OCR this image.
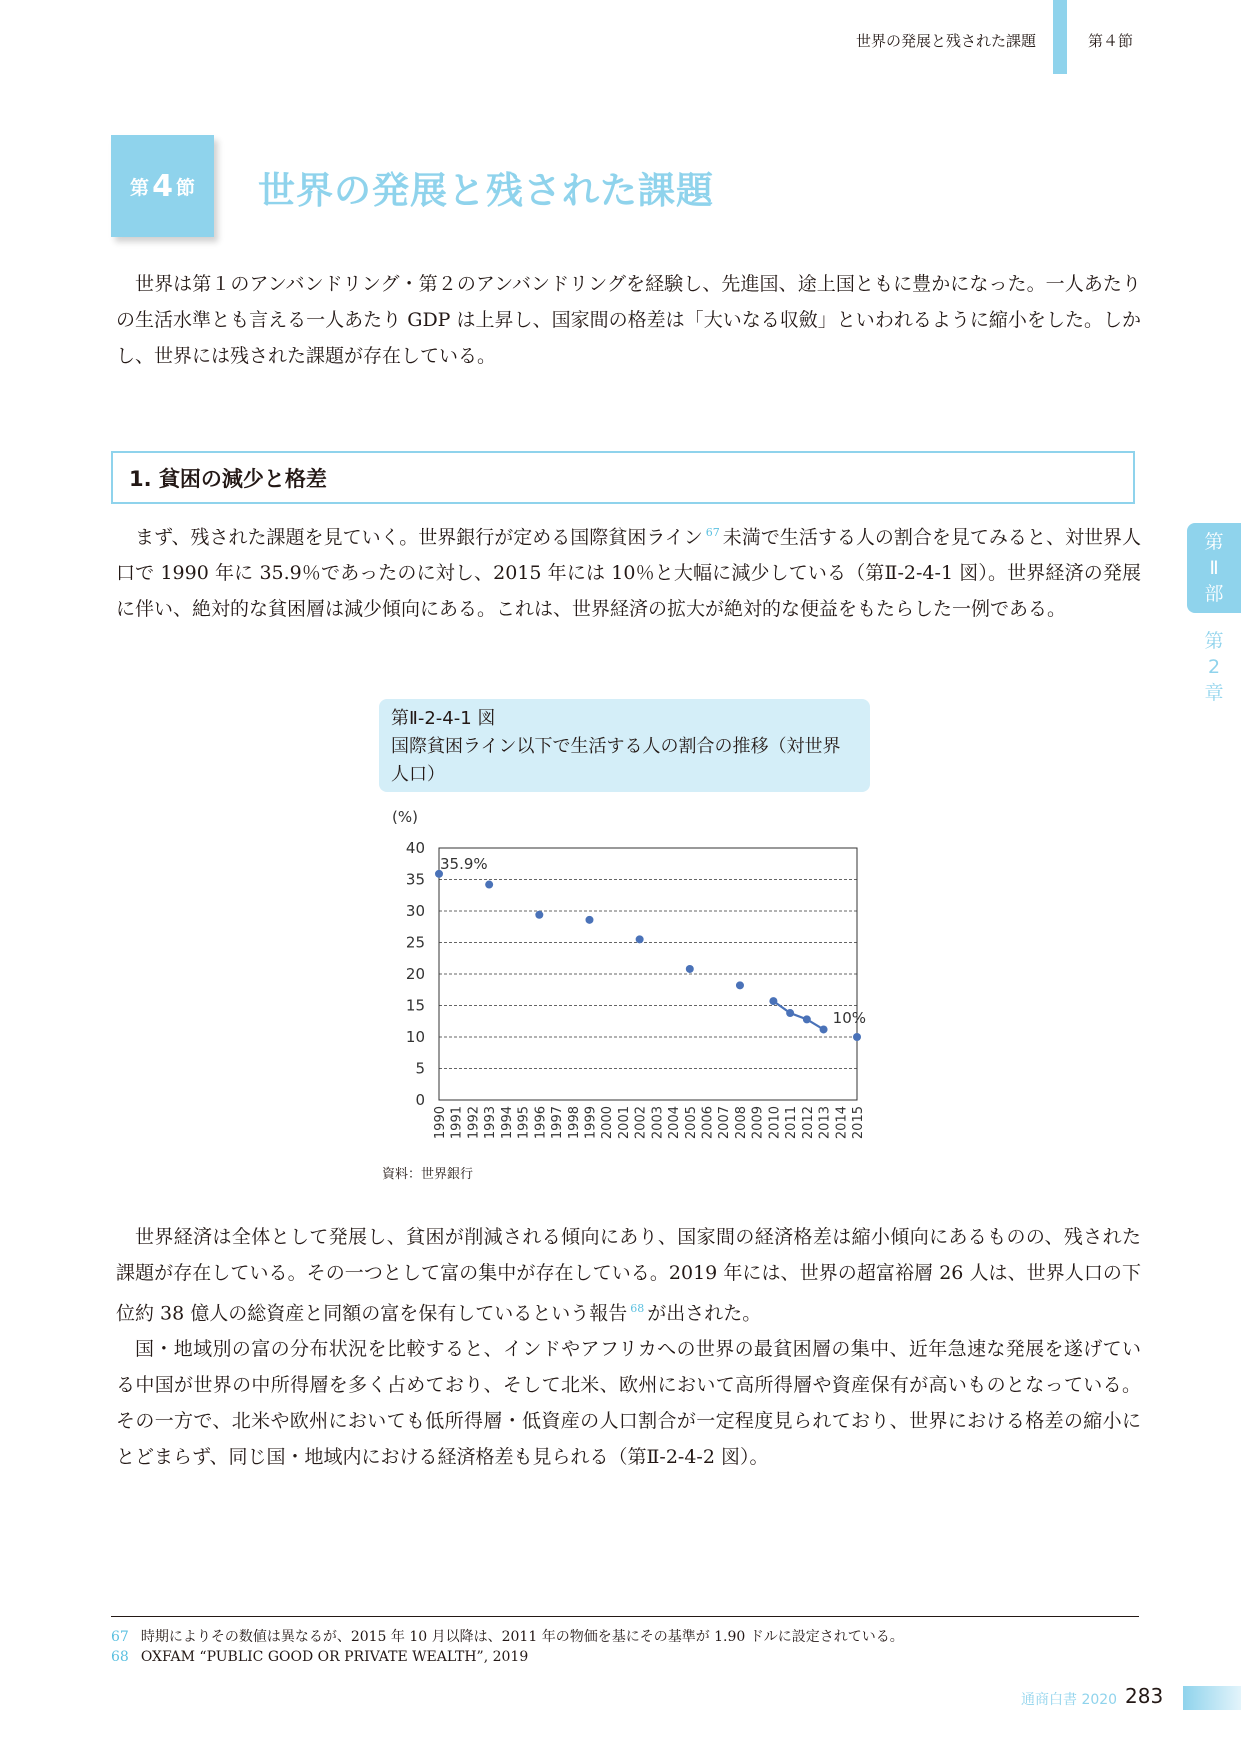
世界の発展と残された課題	第４節
第 4 節 世界の発展と残された課題

世界は第１のアンバンドリング・第２のアンバンドリングを経験し、先進国、途上国ともに豊かになった。一人あたりの生活水準とも言える一人あたり GDP は上昇し、国家間の格差は「大いなる収斂」といわれるように縮小をした。しかし、世界には残された課題が存在している。

1. 貧困の減少と格差

まず、残された課題を見ていく。世界銀行が定める国際貧困ライン $^{67}$ 未満で生活する人の割合を見てみると、対世界人口で 1990 年に 35.9％であったのに対し、2015 年には 10％と大幅に減少している（第Ⅱ-2-4-1 図）。世界経済の発展に伴い、絶対的な貧困層は減少傾向にある。これは、世界経済の拡大が絶対的な便益をもたらした一例である。

第
Ⅱ
部
第
2
章
第Ⅱ-2-4-1 図
国際貧困ライン以下で生活する人の割合の推移（対世界人口）
(%)
0
5
10
15
20
25
30
35
40
1990 1991 1992 1993 1994 1995 1996 1997 1998 1999 2000 2001 2002 2003 2004 2005 2006 2007 2008 2009 2010 2011 2012 2013 2014 2015
35.9%
10%
資料：世界銀行

世界経済は全体として発展し、貧困が削減される傾向にあり、国家間の経済格差は縮小傾向にあるものの、残された課題が存在している。その一つとして富の集中が存在している。2019 年には、世界の超富裕層 26 人は、世界人口の下位約 38 億人の総資産と同額の富を保有しているという報告 $^{68}$ が出された。

国・地域別の富の分布状況を比較すると、インドやアフリカへの世界の最貧困層の集中、近年急速な発展を遂げている中国が世界の中所得層を多く占めており、そして北米、欧州において高所得層や資産保有が高いものとなっている。その一方で、北米や欧州においても低所得層・低資産の人口割合が一定程度見られており、世界における格差の縮小にとどまらず、同じ国・地域内における経済格差も見られる（第Ⅱ-2-4-2 図）。

67 時期によりその数値は異なるが、2015 年 10 月以降は、2011 年の物価を基にその基準が 1.90 ドルに設定されている。
68 OXFAM “PUBLIC GOOD OR PRIVATE WEALTH”, 2019
通商白書 2020 283
